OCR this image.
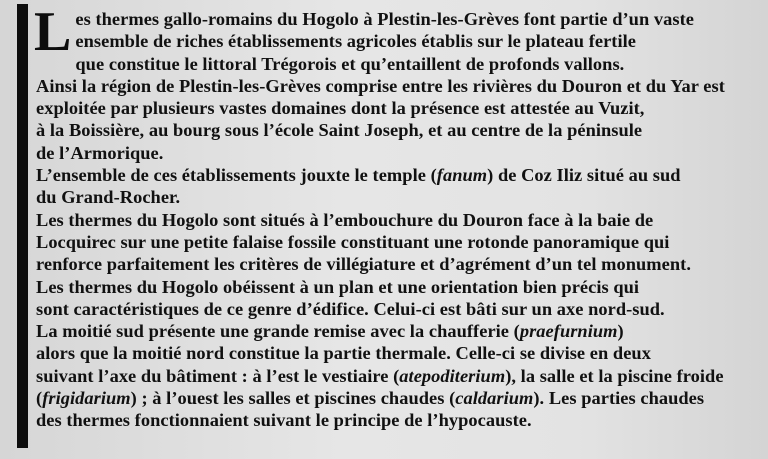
L es thermes gallo-romains du Hogolo à Plestin-les-Grèves font partie d’un vaste
ensemble de riches établissements agricoles établis sur le plateau fertile
que constitue le littoral Trégorois et qu’entaillent de profonds vallons.
Ainsi la région de Plestin-les-Grèves comprise entre les rivières du Douron et du Yar est
exploitée par plusieurs vastes domaines dont la présence est attestée au Vuzit,
à la Boissière, au bourg sous l’école Saint Joseph, et au centre de la péninsule
de l’Armorique.
L’ensemble de ces établissements jouxte le temple (fanum) de Coz Iliz situé au sud
du Grand-Rocher.
Les thermes du Hogolo sont situés à l’embouchure du Douron face à la baie de
Locquirec sur une petite falaise fossile constituant une rotonde panoramique qui
renforce parfaitement les critères de villégiature et d’agrément d’un tel monument.
Les thermes du Hogolo obéissent à un plan et une orientation bien précis qui
sont caractéristiques de ce genre d’édifice. Celui-ci est bâti sur un axe nord-sud.
La moitié sud présente une grande remise avec la chaufferie (praefurnium)
alors que la moitié nord constitue la partie thermale. Celle-ci se divise en deux
suivant l’axe du bâtiment : à l’est le vestiaire (atepoditerium), la salle et la piscine froide
(frigidarium) ; à l’ouest les salles et piscines chaudes (caldarium). Les parties chaudes
des thermes fonctionnaient suivant le principe de l’hypocauste.
